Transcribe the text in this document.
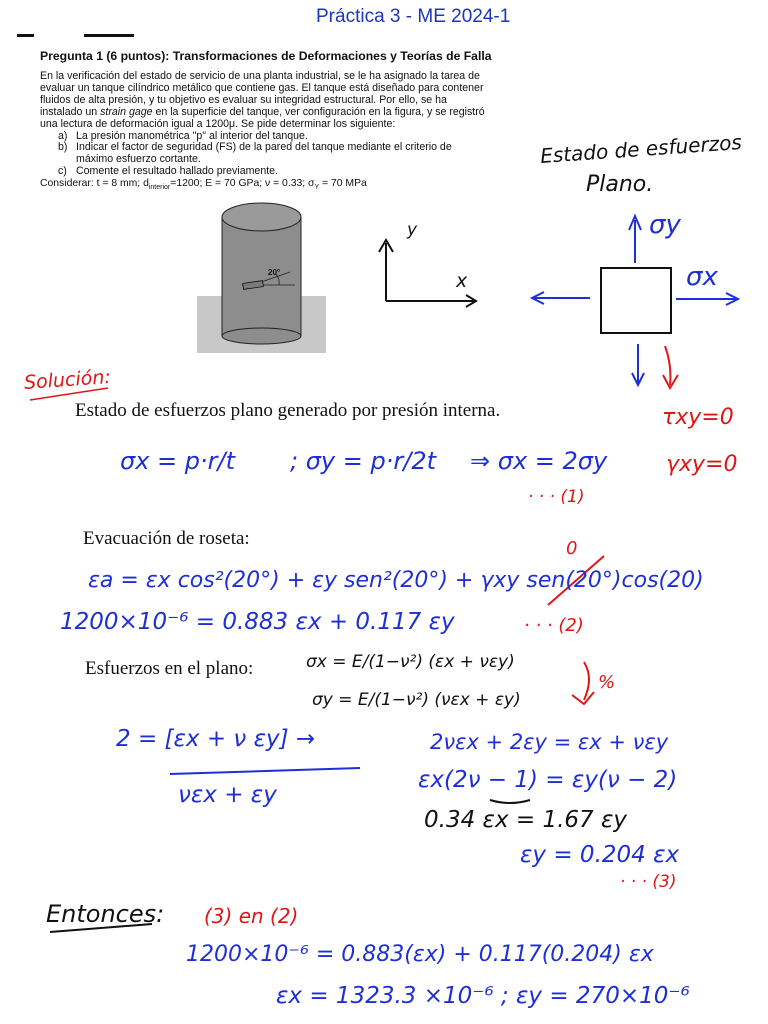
Práctica 3 - ME 2024-1
Pregunta 1 (6 puntos): Transformaciones de Deformaciones y Teorías de Falla

En la verificación del estado de servicio de una planta industrial, se le ha asignado la tarea de evaluar un tanque cilíndrico metálico que contiene gas. El tanque está diseñado para contener fluidos de alta presión, y tu objetivo es evaluar su integridad estructural. Por ello, se ha instalado un strain gage en la superficie del tanque, ver configuración en la figura, y se registró una lectura de deformación igual a 1200μ. Se pide determinar los siguiente:

a) La presión manométrica "p" al interior del tanque.
b) Indicar el factor de seguridad (FS) de la pared del tanque mediante el criterio de máximo esfuerzo cortante.
c) Comente el resultado hallado previamente.
Considerar: t = 8 mm; $d_{interior}=1200$; E = 70 GPa; ν = 0.33; $\sigma_Y = 70$ MPa
20°
y
x
Estado de esfuerzos
Plano.
σy
σx
Solución:
Estado de esfuerzos plano generado por presión interna.	τxy=0
γxy=0
σx = p·r/t ; σy = p·r/2t ⇒ σx = 2σy
· · · (1)
Evacuación de roseta:	0
εa = εx cos²(20°) + εy sen²(20°) + γxy sen(20°)cos(20)
1200×10⁻⁶ = 0.883 εx + 0.117 εy	· · · (2)
Esfuerzos en el plano:	σx = E/(1−ν²) (εx + νεy)
σy = E/(1−ν²) (νεx + εy)
%
2 = [εx + ν εy] →
νεx + εy
2νεx + 2εy = εx + νεy
εx(2ν − 1) = εy(ν − 2)
0.34 εx = 1.67 εy
εy = 0.204 εx
· · · (3)
Entonces: (3) en (2)
1200×10⁻⁶ = 0.883(εx) + 0.117(0.204) εx
εx = 1323.3 ×10⁻⁶ ; εy = 270×10⁻⁶
